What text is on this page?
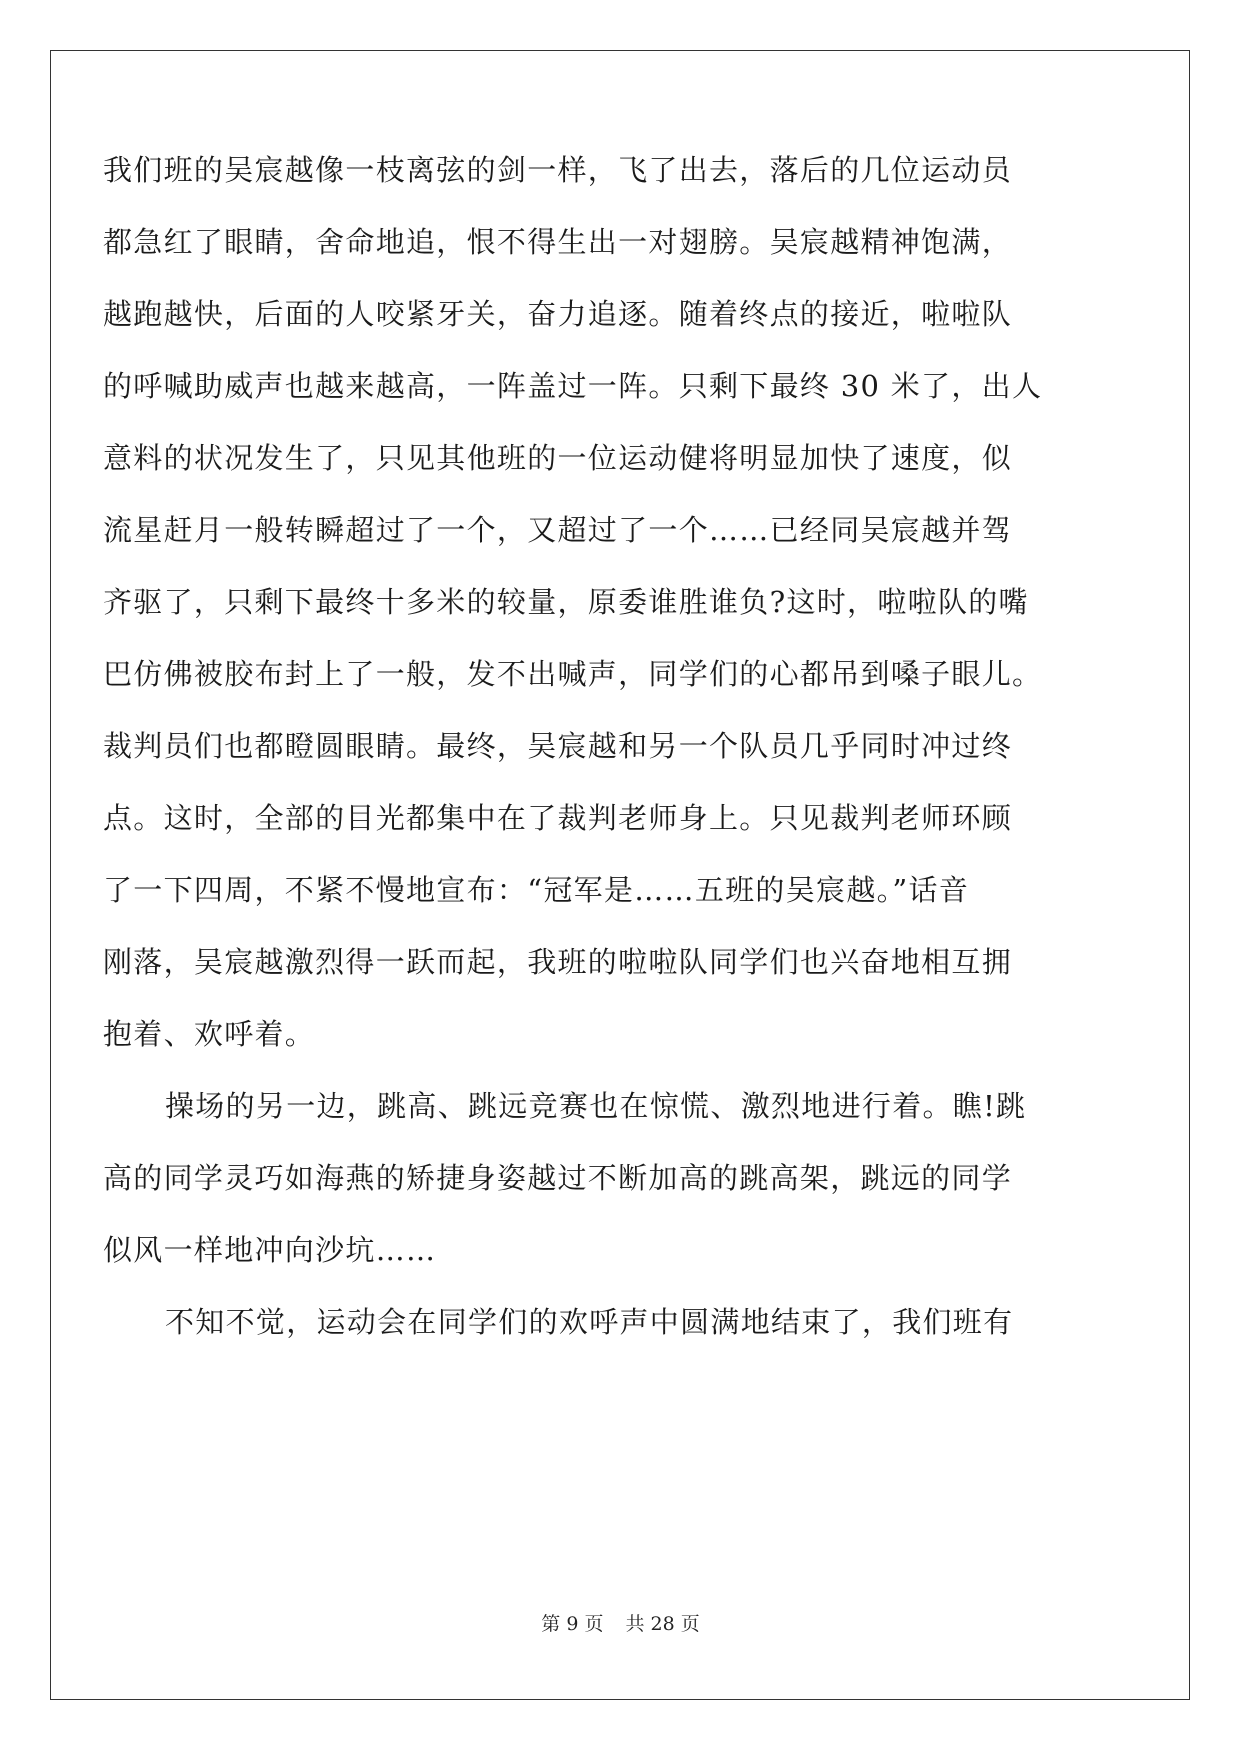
我们班的吴宸越像一枝离弦的剑一样，飞了出去，落后的几位运动员
都急红了眼睛，舍命地追，恨不得生出一对翅膀。吴宸越精神饱满，
越跑越快，后面的人咬紧牙关，奋力追逐。随着终点的接近，啦啦队
的呼喊助威声也越来越高，一阵盖过一阵。只剩下最终 30 米了，出人
意料的状况发生了，只见其他班的一位运动健将明显加快了速度，似
流星赶月一般转瞬超过了一个，又超过了一个……已经同吴宸越并驾
齐驱了，只剩下最终十多米的较量，原委谁胜谁负?这时，啦啦队的嘴
巴仿佛被胶布封上了一般，发不出喊声，同学们的心都吊到嗓子眼儿。
裁判员们也都瞪圆眼睛。最终，吴宸越和另一个队员几乎同时冲过终
点。这时，全部的目光都集中在了裁判老师身上。只见裁判老师环顾
了一下四周，不紧不慢地宣布：“冠军是……五班的吴宸越。”话音
刚落，吴宸越激烈得一跃而起，我班的啦啦队同学们也兴奋地相互拥
抱着、欢呼着。
操场的另一边，跳高、跳远竞赛也在惊慌、激烈地进行着。瞧!跳
高的同学灵巧如海燕的矫捷身姿越过不断加高的跳高架，跳远的同学
似风一样地冲向沙坑……
不知不觉，运动会在同学们的欢呼声中圆满地结束了，我们班有
第 9 页 共 28 页
